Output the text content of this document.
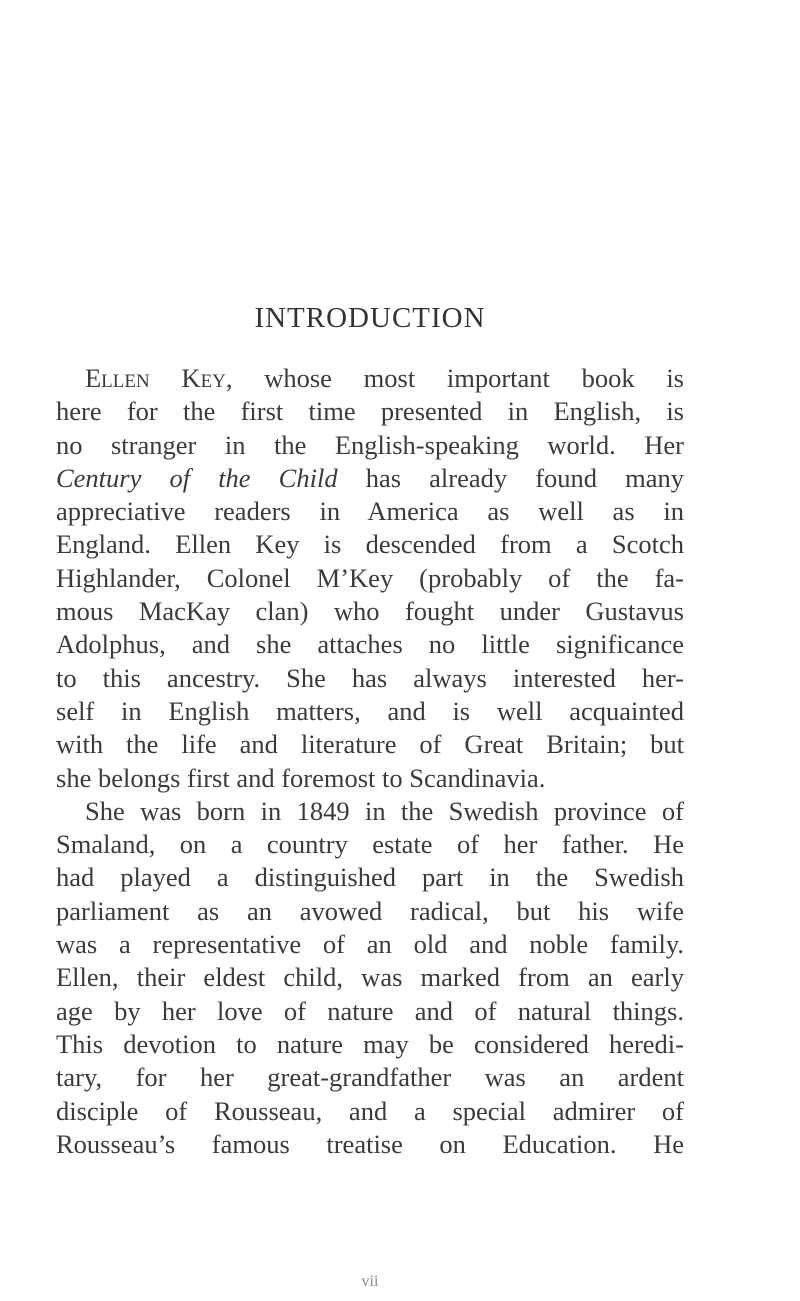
INTRODUCTION
Ellen Key, whose most important book is
here for the first time presented in English, is
no stranger in the English-speaking world. Her
Century of the Child has already found many
appreciative readers in America as well as in
England. Ellen Key is descended from a Scotch
Highlander, Colonel M’Key (probably of the fa-
mous MacKay clan) who fought under Gustavus
Adolphus, and she attaches no little significance
to this ancestry. She has always interested her-
self in English matters, and is well acquainted
with the life and literature of Great Britain; but
she belongs first and foremost to Scandinavia.
She was born in 1849 in the Swedish province of
Smaland, on a country estate of her father. He
had played a distinguished part in the Swedish
parliament as an avowed radical, but his wife
was a representative of an old and noble family.
Ellen, their eldest child, was marked from an early
age by her love of nature and of natural things.
This devotion to nature may be considered heredi-
tary, for her great-grandfather was an ardent
disciple of Rousseau, and a special admirer of
Rousseau’s famous treatise on Education. He
vii
